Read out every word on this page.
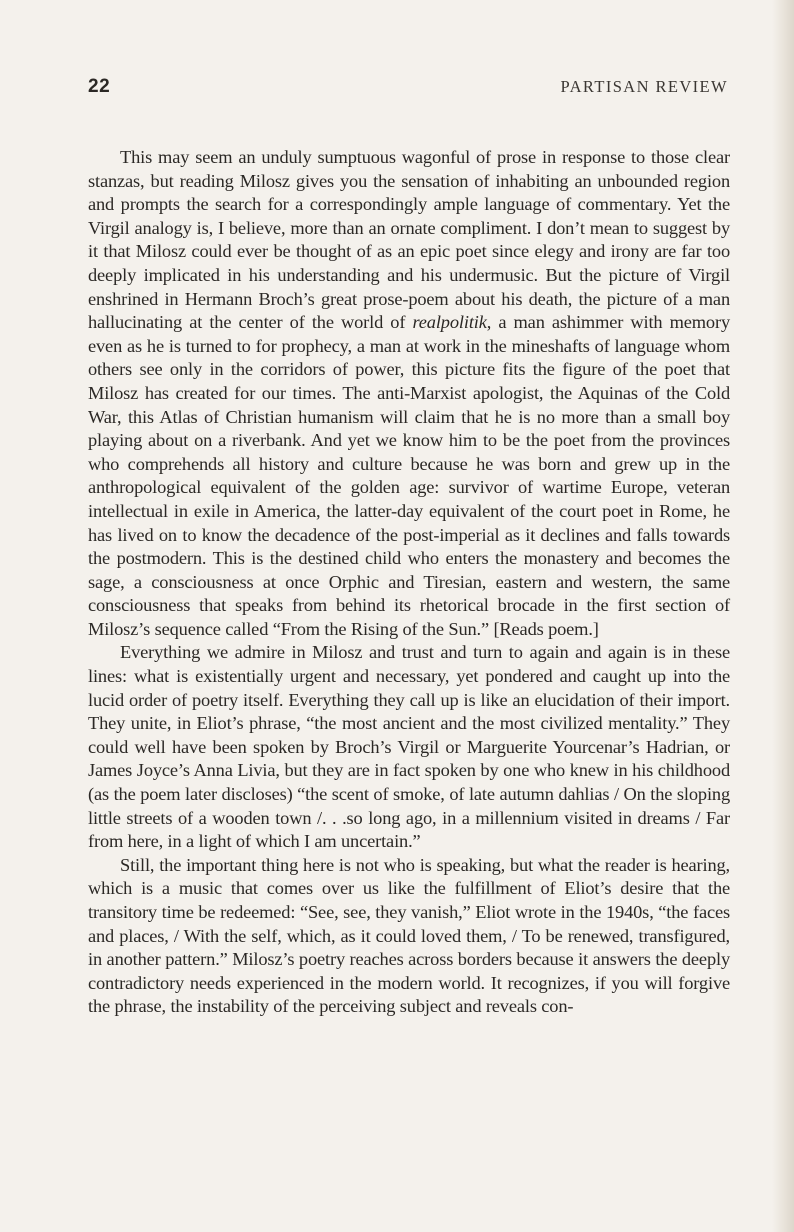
22	PARTISAN REVIEW

This may seem an unduly sumptuous wagonful of prose in response to those clear stanzas, but reading Milosz gives you the sensation of inhabiting an unbounded region and prompts the search for a correspondingly ample language of commentary. Yet the Virgil analogy is, I believe, more than an ornate compliment. I don’t mean to suggest by it that Milosz could ever be thought of as an epic poet since elegy and irony are far too deeply implicated in his understanding and his undermusic. But the picture of Virgil enshrined in Hermann Broch’s great prose-poem about his death, the picture of a man hallucinating at the center of the world of realpolitik, a man ashimmer with memory even as he is turned to for prophecy, a man at work in the mineshafts of language whom others see only in the corridors of power, this picture fits the figure of the poet that Milosz has created for our times. The anti-Marxist apologist, the Aquinas of the Cold War, this Atlas of Christian humanism will claim that he is no more than a small boy playing about on a riverbank. And yet we know him to be the poet from the provinces who comprehends all history and culture because he was born and grew up in the anthropological equivalent of the golden age: survivor of wartime Europe, veteran intellectual in exile in America, the latter-day equivalent of the court poet in Rome, he has lived on to know the decadence of the post-imperial as it declines and falls towards the postmodern. This is the destined child who enters the monastery and becomes the sage, a consciousness at once Orphic and Tiresian, eastern and western, the same consciousness that speaks from behind its rhetorical brocade in the first section of Milosz’s sequence called “From the Rising of the Sun.” [Reads poem.]

Everything we admire in Milosz and trust and turn to again and again is in these lines: what is existentially urgent and necessary, yet pondered and caught up into the lucid order of poetry itself. Everything they call up is like an elucidation of their import. They unite, in Eliot’s phrase, “the most ancient and the most civilized mentality.” They could well have been spoken by Broch’s Virgil or Marguerite Yourcenar’s Hadrian, or James Joyce’s Anna Livia, but they are in fact spoken by one who knew in his childhood (as the poem later discloses) “the scent of smoke, of late autumn dahlias / On the sloping little streets of a wooden town /. . .so long ago, in a millennium visited in dreams / Far from here, in a light of which I am uncertain.”

Still, the important thing here is not who is speaking, but what the reader is hearing, which is a music that comes over us like the fulfillment of Eliot’s desire that the transitory time be redeemed: “See, see, they vanish,” Eliot wrote in the 1940s, “the faces and places, / With the self, which, as it could loved them, / To be renewed, transfigured, in another pattern.” Milosz’s poetry reaches across borders because it answers the deeply contradictory needs experienced in the modern world. It recognizes, if you will forgive the phrase, the instability of the perceiving subject and reveals con-
